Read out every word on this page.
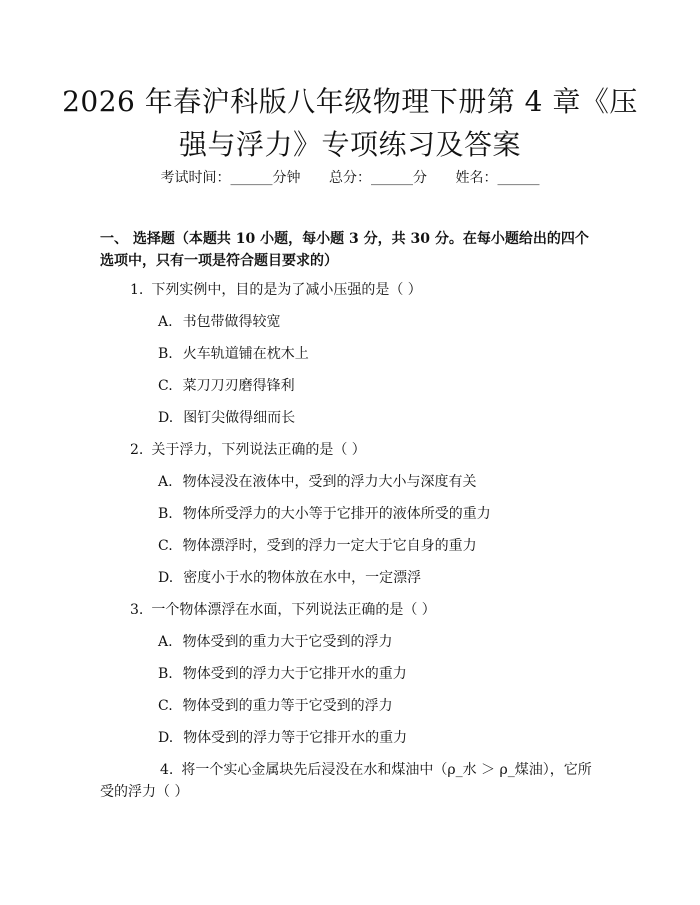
2026 年春沪科版八年级物理下册第 4 章《压
强与浮力》专项练习及答案
考试时间：______分钟 总分：______分 姓名：______

一、 选择题（本题共 10 小题，每小题 3 分，共 30 分。在每小题给出的四个选项中，只有一项是符合题目要求的）

1. 下列实例中，目的是为了减小压强的是（ ）
A. 书包带做得较宽
B. 火车轨道铺在枕木上
C. 菜刀刀刃磨得锋利
D. 图钉尖做得细而长
2. 关于浮力，下列说法正确的是（ ）
A. 物体浸没在液体中，受到的浮力大小与深度有关
B. 物体所受浮力的大小等于它排开的液体所受的重力
C. 物体漂浮时，受到的浮力一定大于它自身的重力
D. 密度小于水的物体放在水中，一定漂浮
3. 一个物体漂浮在水面，下列说法正确的是（ ）
A. 物体受到的重力大于它受到的浮力
B. 物体受到的浮力大于它排开水的重力
C. 物体受到的重力等于它受到的浮力
D. 物体受到的浮力等于它排开水的重力
4. 将一个实心金属块先后浸没在水和煤油中（ρ_水 ＞ ρ_煤油），它所受的浮力（ ）
